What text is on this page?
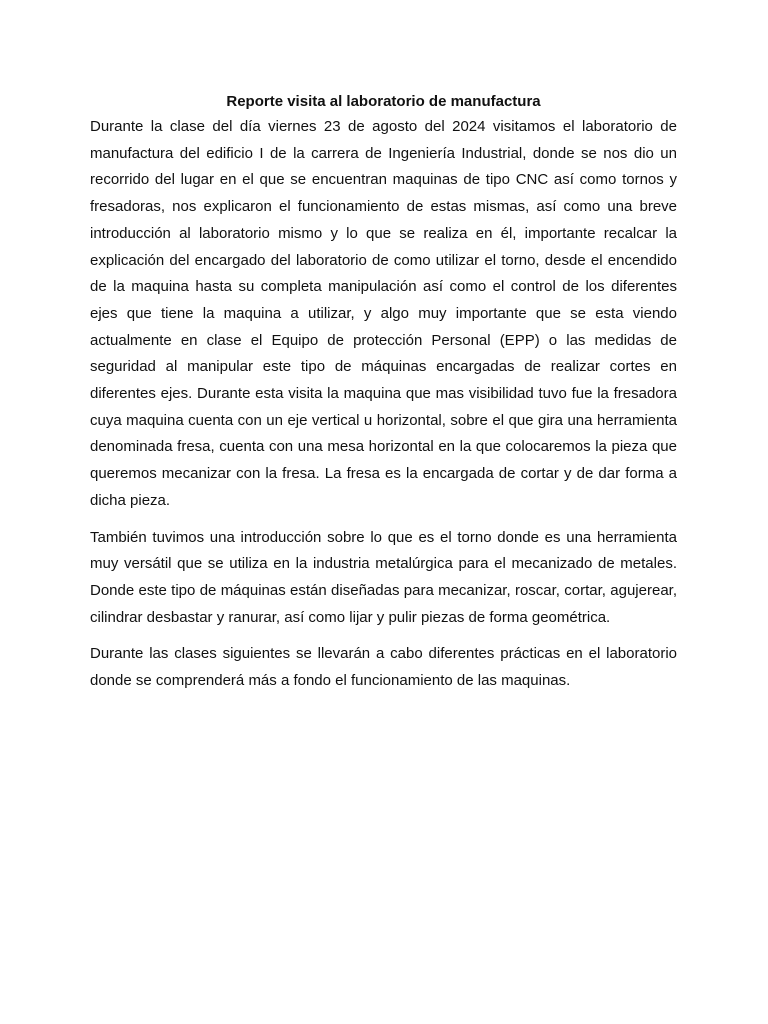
Reporte visita al laboratorio de manufactura

Durante la clase del día viernes 23 de agosto del 2024 visitamos el laboratorio de manufactura del edificio I de la carrera de Ingeniería Industrial, donde se nos dio un recorrido del lugar en el que se encuentran maquinas de tipo CNC así como tornos y fresadoras, nos explicaron el funcionamiento de estas mismas, así como una breve introducción al laboratorio mismo y lo que se realiza en él, importante recalcar la explicación del encargado del laboratorio de como utilizar el torno, desde el encendido de la maquina hasta su completa manipulación así como el control de los diferentes ejes que tiene la maquina a utilizar, y algo muy importante que se esta viendo actualmente en clase el Equipo de protección Personal (EPP) o las medidas de seguridad al manipular este tipo de máquinas encargadas de realizar cortes en diferentes ejes. Durante esta visita la maquina que mas visibilidad tuvo fue la fresadora cuya maquina cuenta con un eje vertical u horizontal, sobre el que gira una herramienta denominada fresa, cuenta con una mesa horizontal en la que colocaremos la pieza que queremos mecanizar con la fresa. La fresa es la encargada de cortar y de dar forma a dicha pieza.

También tuvimos una introducción sobre lo que es el torno donde es una herramienta muy versátil que se utiliza en la industria metalúrgica para el mecanizado de metales. Donde este tipo de máquinas están diseñadas para mecanizar, roscar, cortar, agujerear, cilindrar desbastar y ranurar, así como lijar y pulir piezas de forma geométrica.

Durante las clases siguientes se llevarán a cabo diferentes prácticas en el laboratorio donde se comprenderá más a fondo el funcionamiento de las maquinas.
